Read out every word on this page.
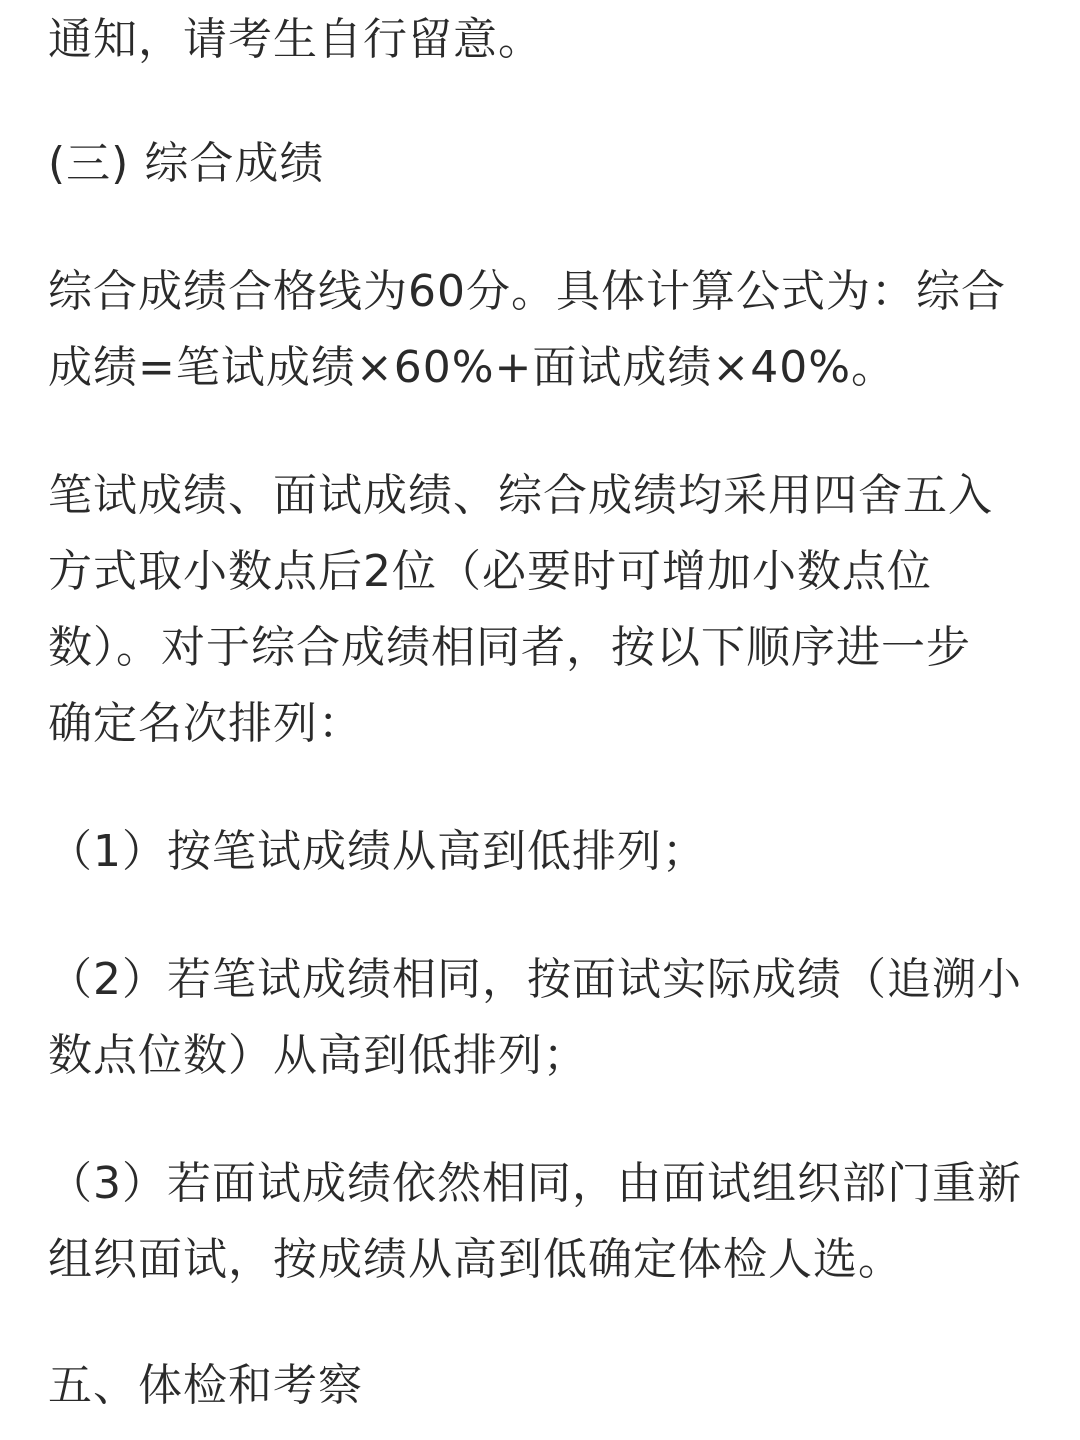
通知，请考生自行留意。
(三) 综合成绩
综合成绩合格线为60分。具体计算公式为：综合
成绩=笔试成绩×60%+面试成绩×40%。
笔试成绩、面试成绩、综合成绩均采用四舍五入
方式取小数点后2位（必要时可增加小数点位
数）。对于综合成绩相同者，按以下顺序进一步
确定名次排列：
（1）按笔试成绩从高到低排列；
（2）若笔试成绩相同，按面试实际成绩（追溯小
数点位数）从高到低排列；
（3）若面试成绩依然相同，由面试组织部门重新
组织面试，按成绩从高到低确定体检人选。
五、体检和考察
